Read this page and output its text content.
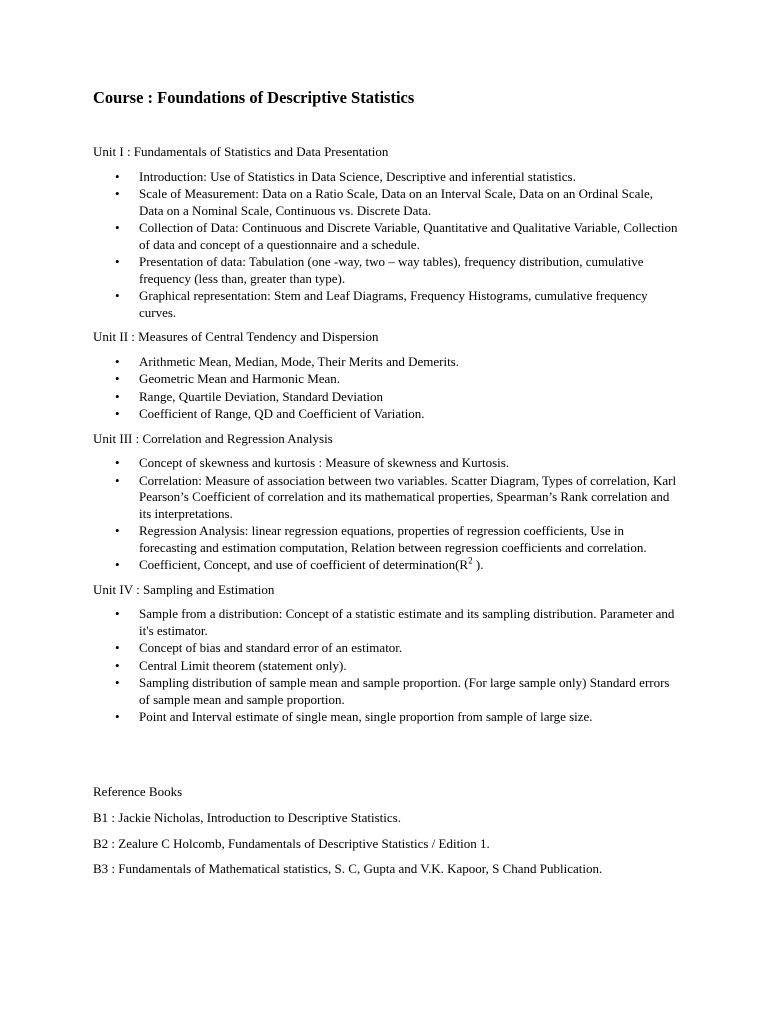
Course : Foundations of Descriptive Statistics
Unit I : Fundamentals of Statistics and Data Presentation
• Introduction: Use of Statistics in Data Science, Descriptive and inferential statistics.
• Scale of Measurement: Data on a Ratio Scale, Data on an Interval Scale, Data on an Ordinal Scale, Data on a Nominal Scale, Continuous vs. Discrete Data.
• Collection of Data: Continuous and Discrete Variable, Quantitative and Qualitative Variable, Collection of data and concept of a questionnaire and a schedule.
• Presentation of data: Tabulation (one -way, two – way tables), frequency distribution, cumulative frequency (less than, greater than type).
• Graphical representation: Stem and Leaf Diagrams, Frequency Histograms, cumulative frequency curves.
Unit II : Measures of Central Tendency and Dispersion
• Arithmetic Mean, Median, Mode, Their Merits and Demerits.
• Geometric Mean and Harmonic Mean.
• Range, Quartile Deviation, Standard Deviation
• Coefficient of Range, QD and Coefficient of Variation.
Unit III : Correlation and Regression Analysis
• Concept of skewness and kurtosis : Measure of skewness and Kurtosis.
• Correlation: Measure of association between two variables. Scatter Diagram, Types of correlation, Karl Pearson’s Coefficient of correlation and its mathematical properties, Spearman’s Rank correlation and its interpretations.
• Regression Analysis: linear regression equations, properties of regression coefficients, Use in forecasting and estimation computation, Relation between regression coefficients and correlation.
• Coefficient, Concept, and use of coefficient of $determination(R^2$ ).
Unit IV : Sampling and Estimation
• Sample from a distribution: Concept of a statistic estimate and its sampling distribution. Parameter and it's estimator.
• Concept of bias and standard error of an estimator.
• Central Limit theorem (statement only).
• Sampling distribution of sample mean and sample proportion. (For large sample only) Standard errors of sample mean and sample proportion.
• Point and Interval estimate of single mean, single proportion from sample of large size.
Reference Books
B1 : Jackie Nicholas, Introduction to Descriptive Statistics.
B2 : Zealure C Holcomb, Fundamentals of Descriptive Statistics / Edition 1.
B3 : Fundamentals of Mathematical statistics, S. C, Gupta and V.K. Kapoor, S Chand Publication.
